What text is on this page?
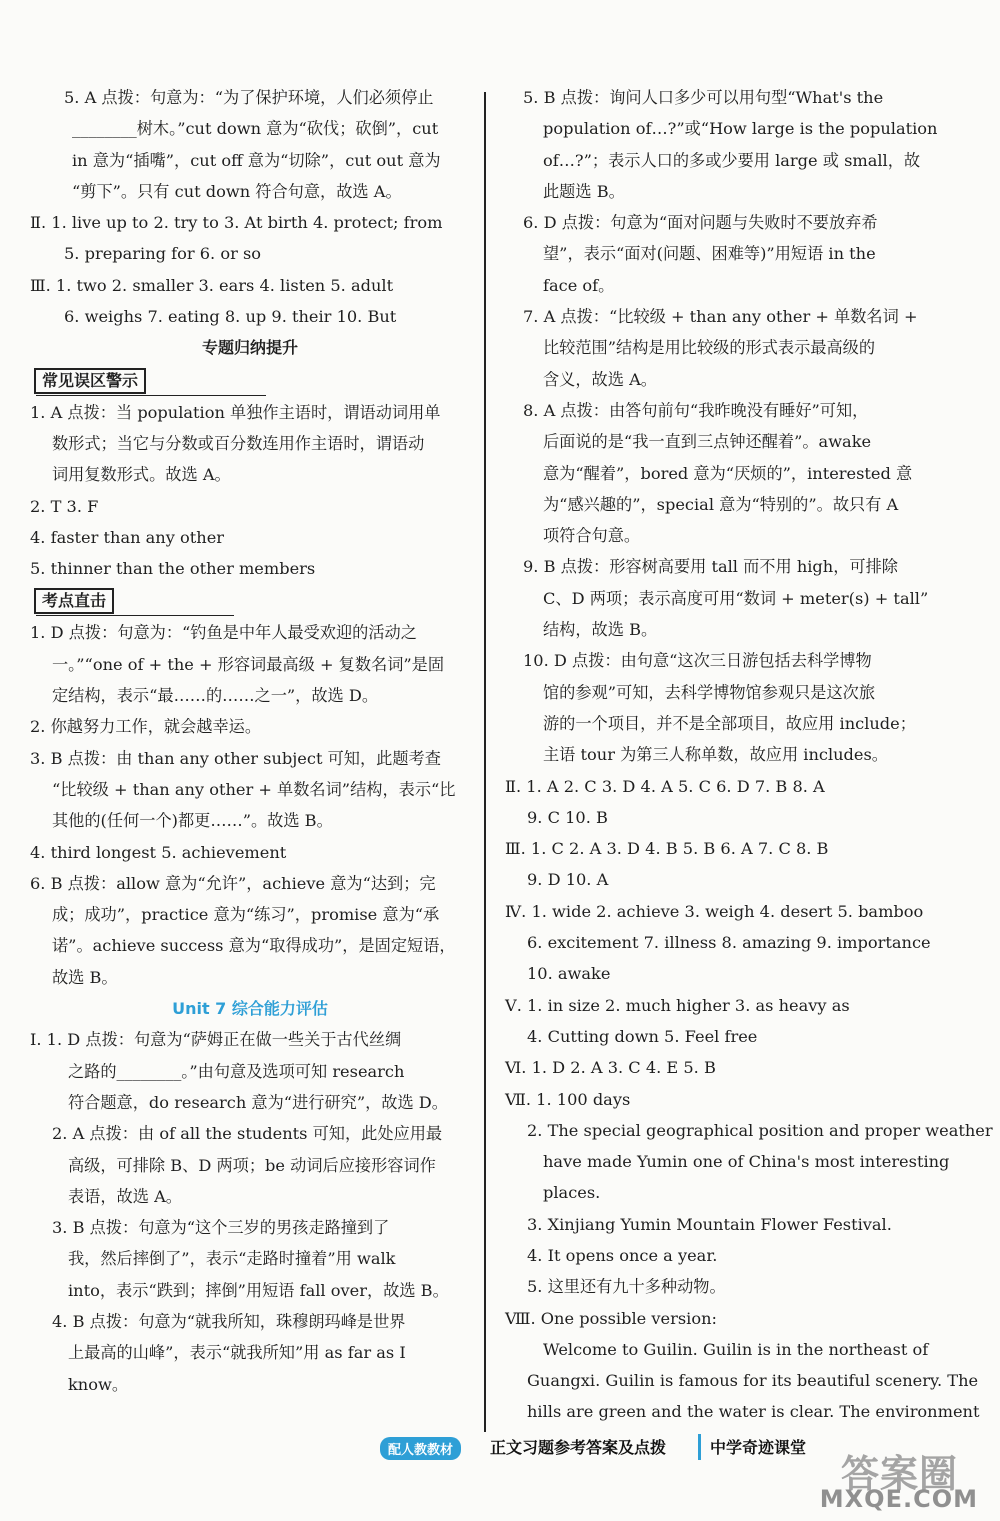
5. A 点拨：句意为：“为了保护环境，人们必须停止
________树木。”cut down 意为“砍伐；砍倒”，cut
in 意为“插嘴”，cut off 意为“切除”，cut out 意为
“剪下”。只有 cut down 符合句意，故选 A。
Ⅱ. 1. live up to 2. try to 3. At birth 4. protect; from
5. preparing for 6. or so
Ⅲ. 1. two 2. smaller 3. ears 4. listen 5. adult
6. weighs 7. eating 8. up 9. their 10. But
专题归纳提升
常见误区警示
1. A 点拨：当 population 单独作主语时，谓语动词用单
数形式；当它与分数或百分数连用作主语时，谓语动
词用复数形式。故选 A。
2. T 3. F
4. faster than any other
5. thinner than the other members
考点直击
1. D 点拨：句意为：“钓鱼是中年人最受欢迎的活动之
一。”“one of + the + 形容词最高级 + 复数名词”是固
定结构，表示“最……的……之一”，故选 D。
2. 你越努力工作，就会越幸运。
3. B 点拨：由 than any other subject 可知，此题考查
“比较级 + than any other + 单数名词”结构，表示“比
其他的(任何一个)都更……”。故选 B。
4. third longest 5. achievement
6. B 点拨：allow 意为“允许”，achieve 意为“达到；完
成；成功”，practice 意为“练习”，promise 意为“承
诺”。achieve success 意为“取得成功”，是固定短语，
故选 B。
Unit 7 综合能力评估
Ⅰ. 1. D 点拨：句意为“萨姆正在做一些关于古代丝绸
之路的________。”由句意及选项可知 research
符合题意，do research 意为“进行研究”，故选 D。
2. A 点拨：由 of all the students 可知，此处应用最
高级，可排除 B、D 两项；be 动词后应接形容词作
表语，故选 A。
3. B 点拨：句意为“这个三岁的男孩走路撞到了
我，然后摔倒了”，表示“走路时撞着”用 walk
into，表示“跌到；摔倒”用短语 fall over，故选 B。
4. B 点拨：句意为“就我所知，珠穆朗玛峰是世界
上最高的山峰”，表示“就我所知”用 as far as I
know。
5. B 点拨：询问人口多少可以用句型“What's the
population of…?”或“How large is the population
of…?”；表示人口的多或少要用 large 或 small，故
此题选 B。
6. D 点拨：句意为“面对问题与失败时不要放弃希
望”，表示“面对(问题、困难等)”用短语 in the
face of。
7. A 点拨：“比较级 + than any other + 单数名词 +
比较范围”结构是用比较级的形式表示最高级的
含义，故选 A。
8. A 点拨：由答句前句“我昨晚没有睡好”可知，
后面说的是“我一直到三点钟还醒着”。awake
意为“醒着”，bored 意为“厌烦的”，interested 意
为“感兴趣的”，special 意为“特别的”。故只有 A
项符合句意。
9. B 点拨：形容树高要用 tall 而不用 high，可排除
C、D 两项；表示高度可用“数词 + meter(s) + tall”
结构，故选 B。
10. D 点拨：由句意“这次三日游包括去科学博物
馆的参观”可知，去科学博物馆参观只是这次旅
游的一个项目，并不是全部项目，故应用 include；
主语 tour 为第三人称单数，故应用 includes。
Ⅱ. 1. A 2. C 3. D 4. A 5. C 6. D 7. B 8. A
9. C 10. B
Ⅲ. 1. C 2. A 3. D 4. B 5. B 6. A 7. C 8. B
9. D 10. A
Ⅳ. 1. wide 2. achieve 3. weigh 4. desert 5. bamboo
6. excitement 7. illness 8. amazing 9. importance
10. awake
Ⅴ. 1. in size 2. much higher 3. as heavy as
4. Cutting down 5. Feel free
Ⅵ. 1. D 2. A 3. C 4. E 5. B
Ⅶ. 1. 100 days
2. The special geographical position and proper weather
have made Yumin one of China's most interesting
places.
3. Xinjiang Yumin Mountain Flower Festival.
4. It opens once a year.
5. 这里还有九十多种动物。
Ⅷ. One possible version:
Welcome to Guilin. Guilin is in the northeast of
Guangxi. Guilin is famous for its beautiful scenery. The
hills are green and the water is clear. The environment
配人教教材	正文习题参考答案及点拨	中学奇迹课堂
答案圈
MXQE.COM
